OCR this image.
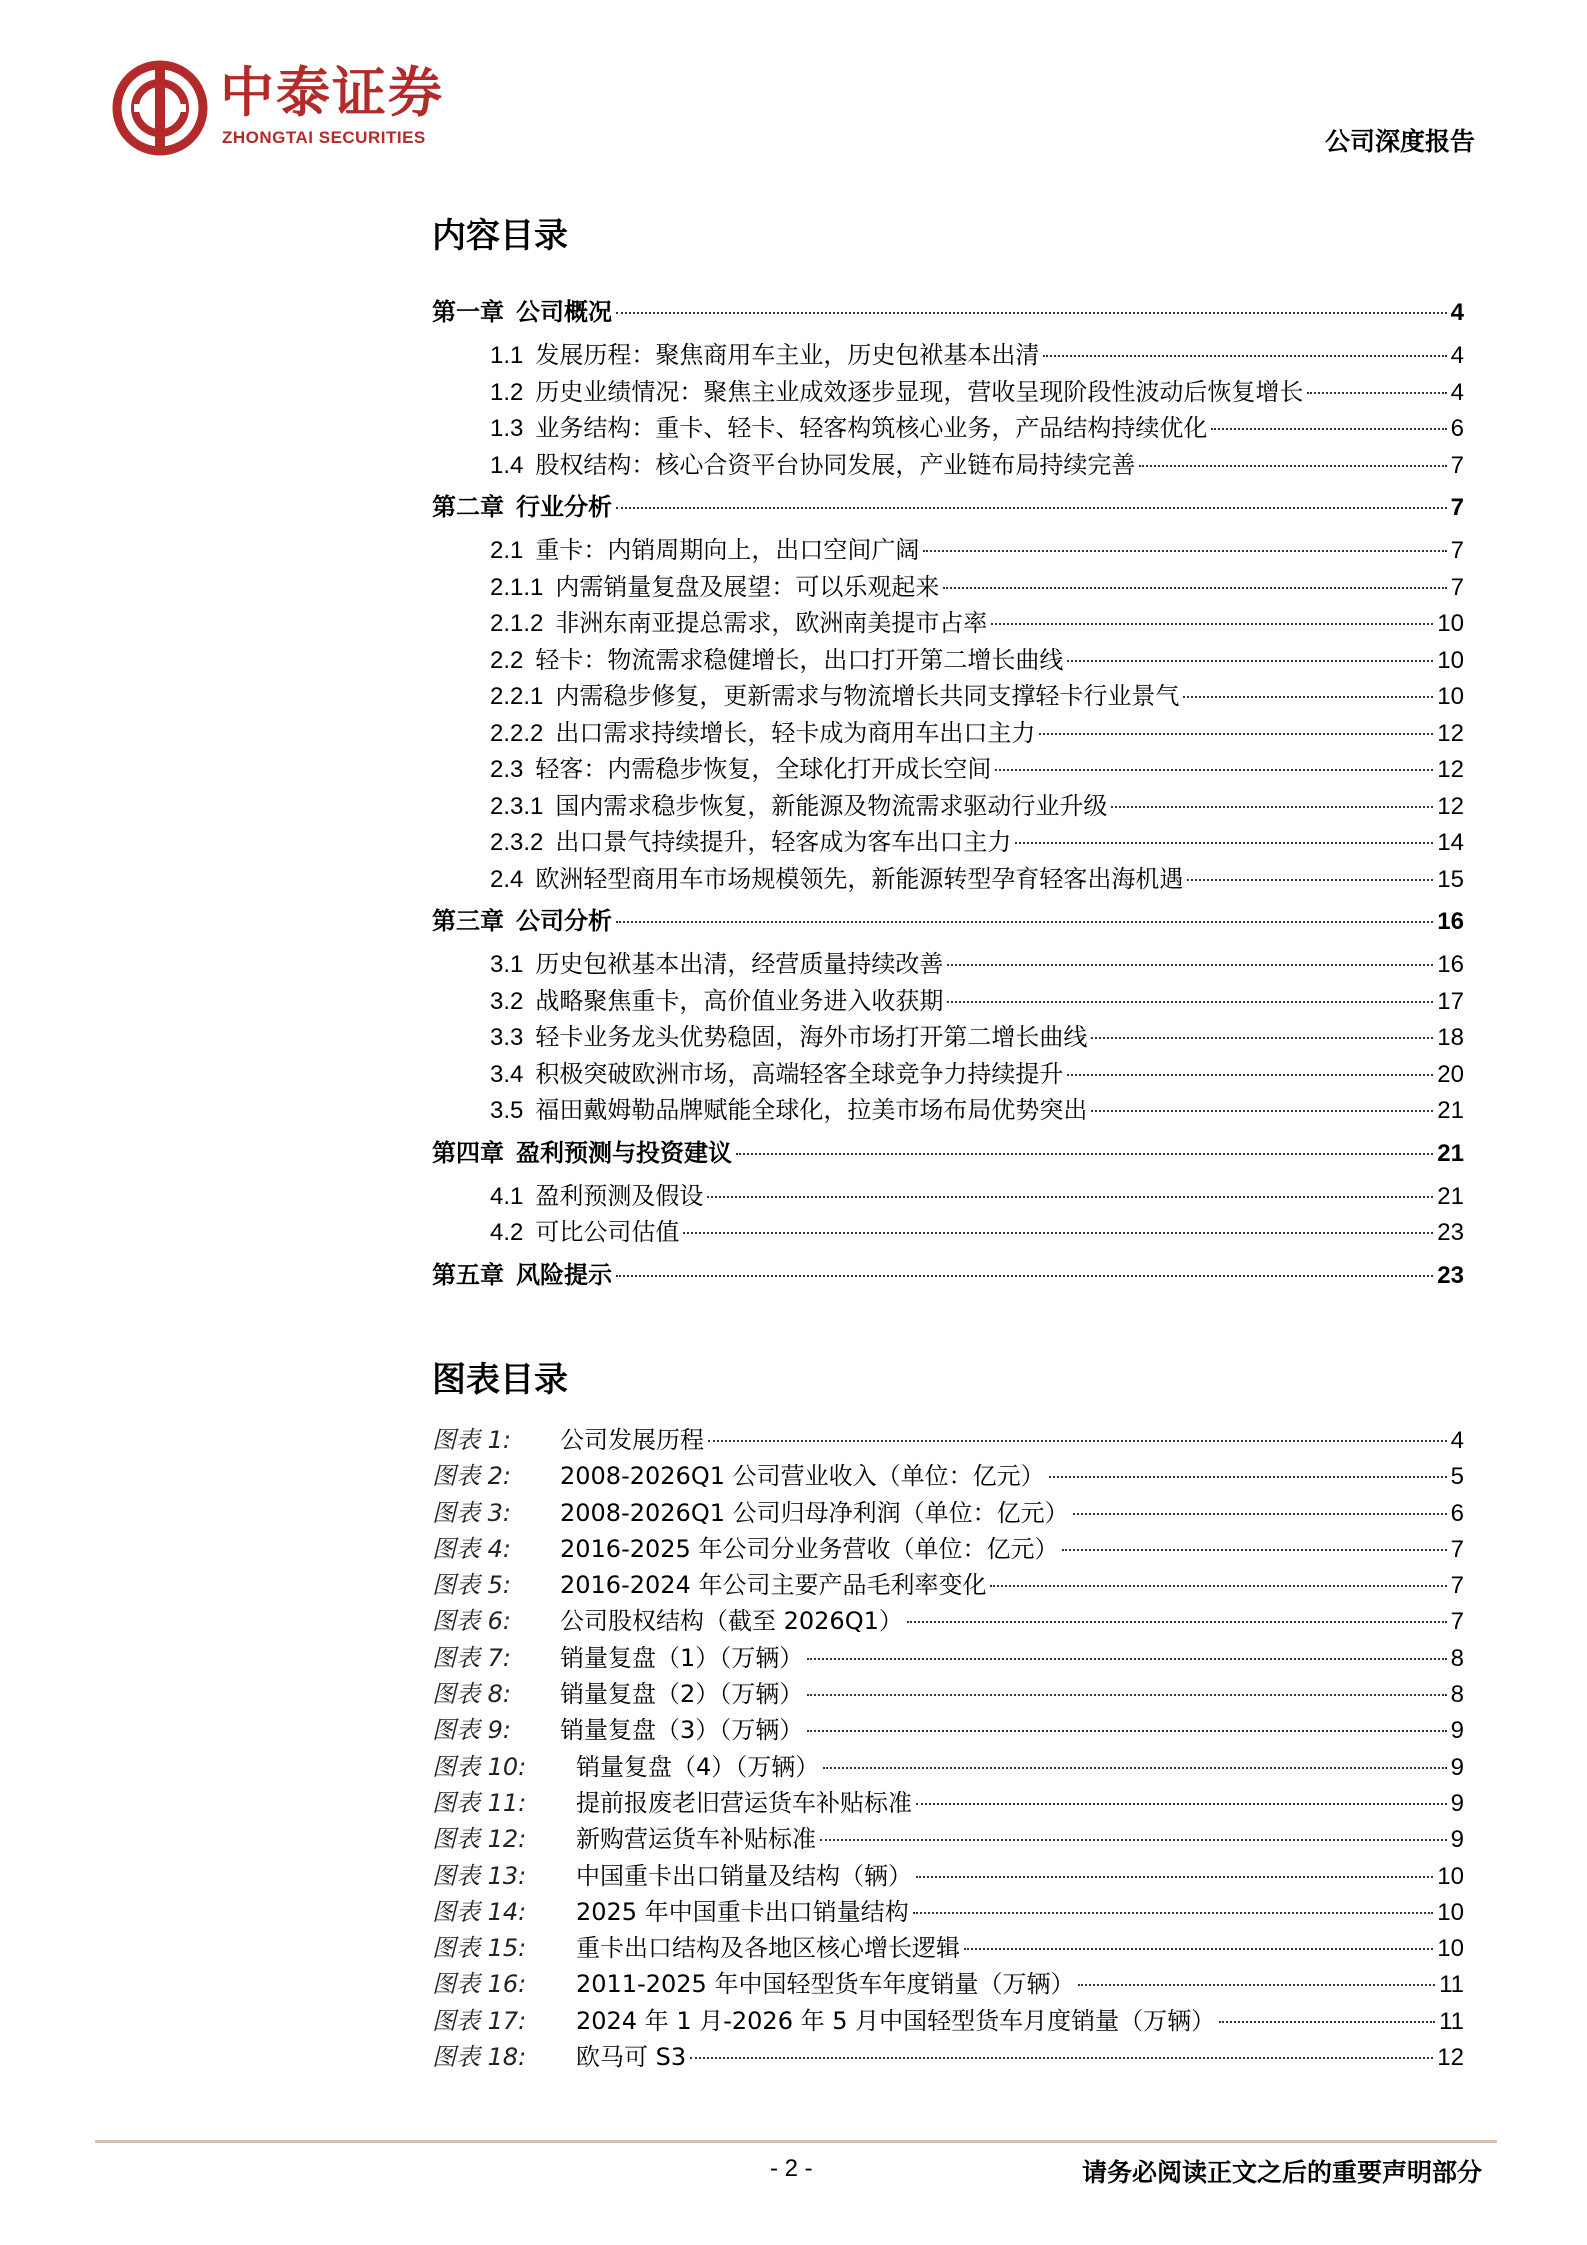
中泰证券
ZHONGTAI SECURITIES	公司深度报告
内容目录
第一章 公司概况	4
1.1 发展历程：聚焦商用车主业，历史包袱基本出清	4
1.2 历史业绩情况：聚焦主业成效逐步显现，营收呈现阶段性波动后恢复增长	4
1.3 业务结构：重卡、轻卡、轻客构筑核心业务，产品结构持续优化	6
1.4 股权结构：核心合资平台协同发展，产业链布局持续完善	7
第二章 行业分析	7
2.1 重卡：内销周期向上，出口空间广阔	7
2.1.1 内需销量复盘及展望：可以乐观起来	7
2.1.2 非洲东南亚提总需求，欧洲南美提市占率	10
2.2 轻卡：物流需求稳健增长，出口打开第二增长曲线	10
2.2.1 内需稳步修复，更新需求与物流增长共同支撑轻卡行业景气	10
2.2.2 出口需求持续增长，轻卡成为商用车出口主力	12
2.3 轻客：内需稳步恢复，全球化打开成长空间	12
2.3.1 国内需求稳步恢复，新能源及物流需求驱动行业升级	12
2.3.2 出口景气持续提升，轻客成为客车出口主力	14
2.4 欧洲轻型商用车市场规模领先，新能源转型孕育轻客出海机遇	15
第三章 公司分析	16
3.1 历史包袱基本出清，经营质量持续改善	16
3.2 战略聚焦重卡，高价值业务进入收获期	17
3.3 轻卡业务龙头优势稳固，海外市场打开第二增长曲线	18
3.4 积极突破欧洲市场，高端轻客全球竞争力持续提升	20
3.5 福田戴姆勒品牌赋能全球化，拉美市场布局优势突出	21
第四章 盈利预测与投资建议	21
4.1 盈利预测及假设	21
4.2 可比公司估值	23
第五章 风险提示	23
图表目录
图表 1:	公司发展历程	4
图表 2:	2008-2026Q1 公司营业收入（单位：亿元）	5
图表 3:	2008-2026Q1 公司归母净利润（单位：亿元）	6
图表 4:	2016-2025 年公司分业务营收（单位：亿元）	7
图表 5:	2016-2024 年公司主要产品毛利率变化	7
图表 6:	公司股权结构（截至 2026Q1）	7
图表 7:	销量复盘（1）（万辆）	8
图表 8:	销量复盘（2）（万辆）	8
图表 9:	销量复盘（3）（万辆）	9
图表 10:	销量复盘（4）（万辆）	9
图表 11:	提前报废老旧营运货车补贴标准	9
图表 12:	新购营运货车补贴标准	9
图表 13:	中国重卡出口销量及结构（辆）	10
图表 14:	2025 年中国重卡出口销量结构	10
图表 15:	重卡出口结构及各地区核心增长逻辑	10
图表 16:	2011-2025 年中国轻型货车年度销量（万辆）	11
图表 17:	2024 年 1 月-2026 年 5 月中国轻型货车月度销量（万辆）	11
图表 18:	欧马可 S3	12
- 2 -	请务必阅读正文之后的重要声明部分
